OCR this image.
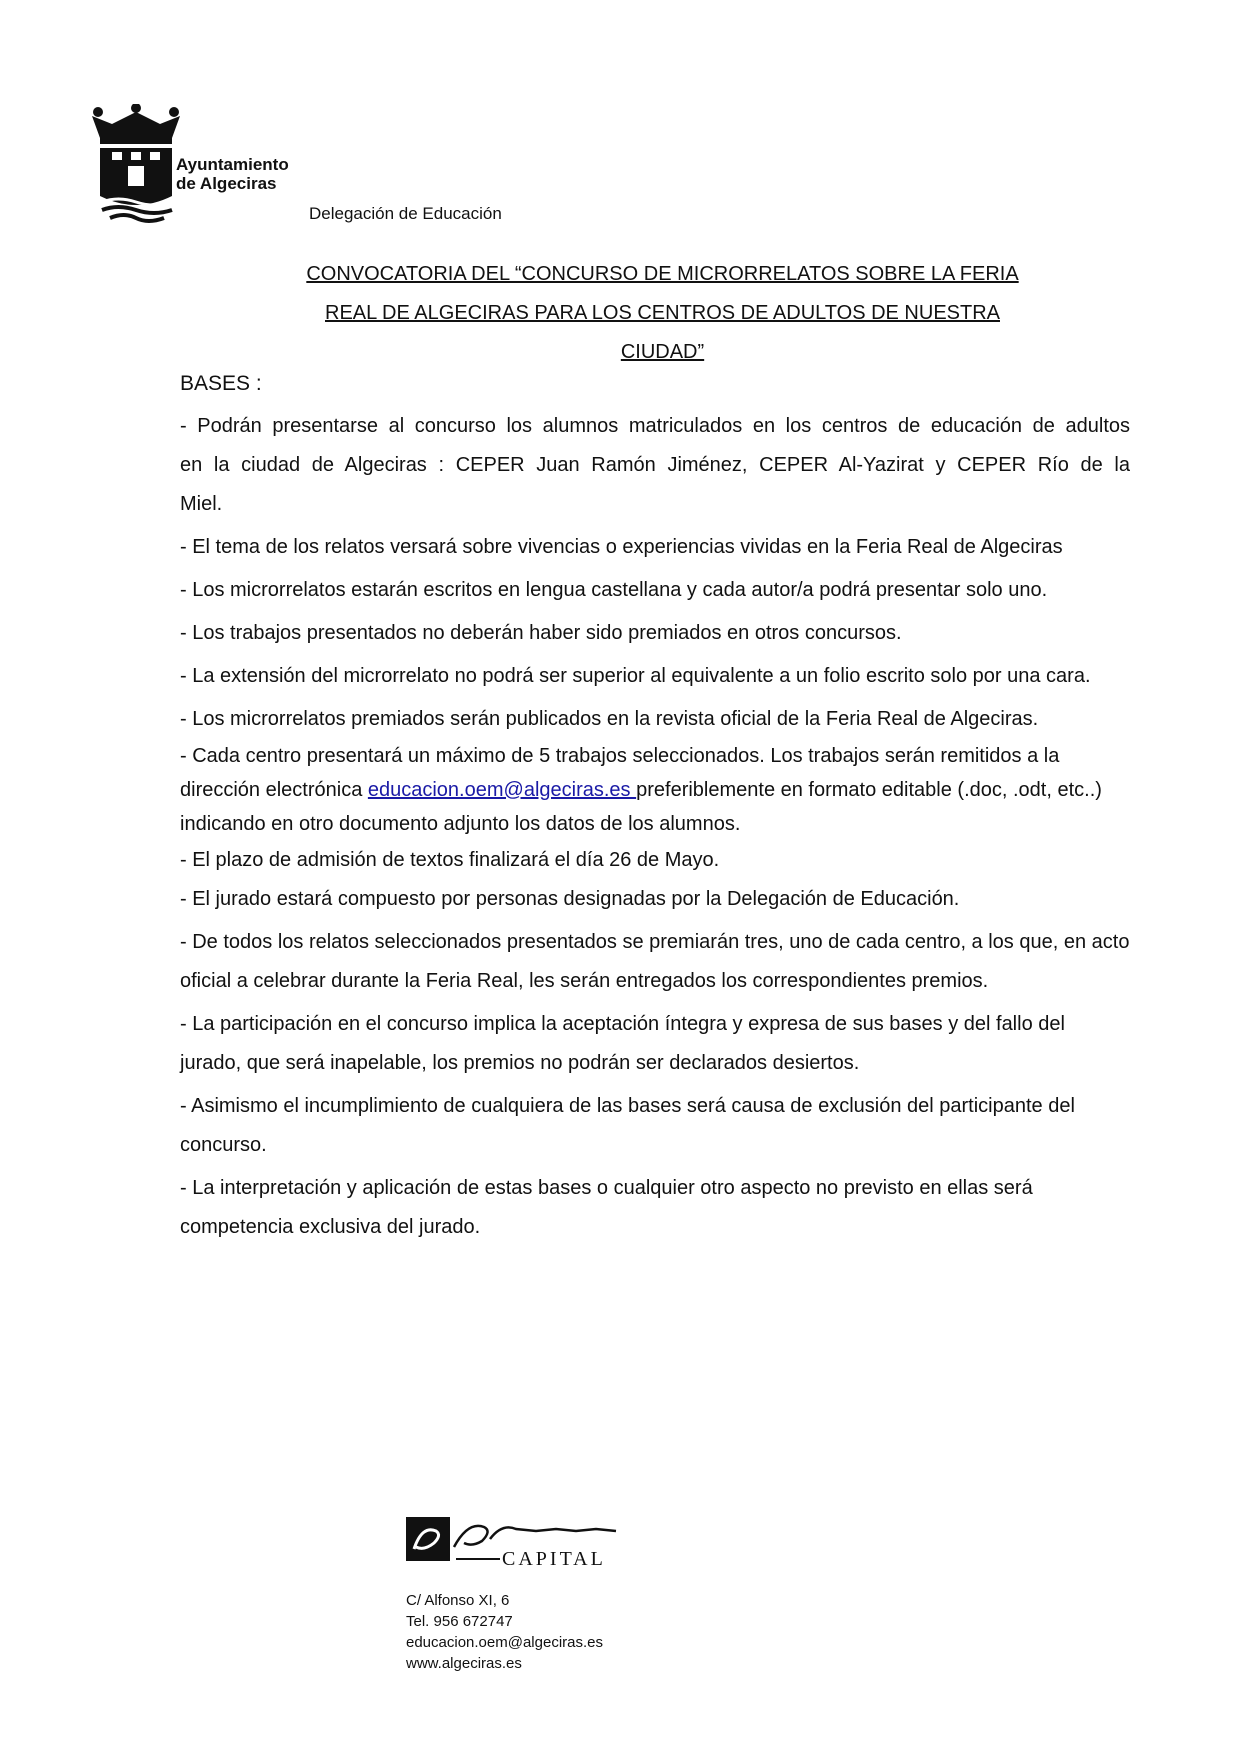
Ayuntamiento
de Algeciras
Delegación de Educación
CONVOCATORIA DEL “CONCURSO DE MICRORRELATOS SOBRE LA FERIA
REAL DE ALGECIRAS PARA LOS CENTROS DE ADULTOS DE NUESTRA
CIUDAD”
BASES :

- Podrán presentarse al concurso los alumnos matriculados en los centros de educación de adultos en la ciudad de Algeciras : CEPER Juan Ramón Jiménez, CEPER Al-Yazirat y CEPER Río de la Miel.

- El tema de los relatos versará sobre vivencias o experiencias vividas en la Feria Real de Algeciras

- Los microrrelatos estarán escritos en lengua castellana y cada autor/a podrá presentar solo uno.

- Los trabajos presentados no deberán haber sido premiados en otros concursos.

- La extensión del microrrelato no podrá ser superior al equivalente a un folio escrito solo por una cara.

- Los microrrelatos premiados serán publicados en la revista oficial de la Feria Real de Algeciras.

- Cada centro presentará un máximo de 5 trabajos seleccionados. Los trabajos serán remitidos a la dirección electrónica educacion.oem@algeciras.es preferiblemente en formato editable (.doc, .odt, etc..) indicando en otro documento adjunto los datos de los alumnos.

- El plazo de admisión de textos finalizará el día 26 de Mayo.

- El jurado estará compuesto por personas designadas por la Delegación de Educación.

- De todos los relatos seleccionados presentados se premiarán tres, uno de cada centro, a los que, en acto oficial a celebrar durante la Feria Real, les serán entregados los correspondientes premios.

- La participación en el concurso implica la aceptación íntegra y expresa de sus bases y del fallo del jurado, que será inapelable, los premios no podrán ser declarados desiertos.

- Asimismo el incumplimiento de cualquiera de las bases será causa de exclusión del participante del concurso.

- La interpretación y aplicación de estas bases o cualquier otro aspecto no previsto en ellas será competencia exclusiva del jurado.

CAPITAL
C/ Alfonso XI, 6
Tel. 956 672747
educacion.oem@algeciras.es
www.algeciras.es
